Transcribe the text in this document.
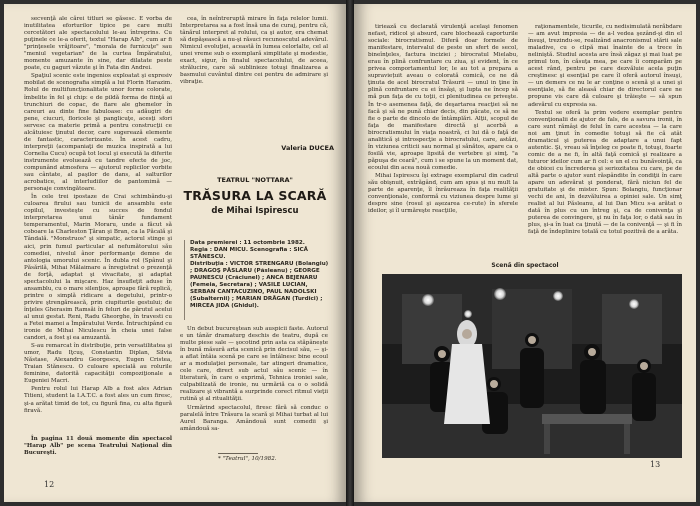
secvenţă ale cărei titluri se găsesc. E vorba de inutilitatea eforturilor tipice pe care multi cercetători ale spectacolului le-au întreprins. Cu puţinele ce le-a oferit, textul "Harap Alb", cum ar fi "prinţesele vrăjitoare", "morala de furnicuţe" sau "meniul vegetarian" de la curtea Împăratului, momente amuzante în sine, dar dilatate peste poate, cu gaguri văzute şi în Fata din Andrei.

Spaţiul scenic este ingenios exploatat şi expresiv mobilat de scenografia simplă a lui Florin Harazim. Rolul de multifuncţionalitate unor forme colorate, îmbelite în fel şi chip: e de pildă forma de fiinţă ai trunchiuri de copac, de fiare ale ghemelor în careuri au dinte fine fabuloase: cu adăugiri de pene, ciucuri, floricele şi panglicuţe, acesţi sfori servesc ca materie primă a pentru construcţii ce alcătuiesc ţinutul decor, care sugerează elemente de fantastic, caracterizante. În acest cadru, interpreţii (acompaniaţi de muzica inspirată a lui Cornelia Cucu) ocupă tot locul şi execută la diferite instrumente evoluează cu tandre efecte de joc, compunând atmosfera — ajutorul replicilor vorbite sau cântate, al paşilor de dans, al salturilor acrobatice, al interludiilor de pantomimă — personaje convingătoare.

În cele trei ipostaze de Crai schimbându-şi culoarea firului sau tunicii de ansamblu este copilul, investeşte cu succes de fondul interpretarea unui tânăr fundament temperamentul, Marin Moraru, unde a făcut să coboare la Charleston Ţăran şi Bran, ca la Păcală şi Tândală. "Monstruos" şi simpatic, actorul stinge şi aici, prin fumul particular al nefumătorului său comediei, nivelul ânor performanţe demne de antologia umorului scenic. În dubla rol (Spânul şi Păsărilă, Mihai Mălaimare a înregistrat o prezenţă de forţă, adaptat şi vivacitate, şi adaptat spectacolului la mişcare. Haz însufleţit aduse în ansamblu, cu o mare silenţios, aproape fără replică, printre o simplă ridicare a degetului, printr-o privire ştrengărească, prin ciupiturile gestului; de înţeles Gherasim Ramsăi în feluri de părutul acelui al unui gestat. Reni, Radu Gheorghe, în travesti cu a Fetei mamei a Împăratului Verde. Întruchipând cu ironie de Mihai Niculescu în cheia unei false candori, a fost şi ea amuzantă.

S-au remarcat în distribuţie, prin versatilitatea şi umor, Radu Iţcuş, Constantin Diplan, Silvia Năstase, Alexandru Georgescu, Eugen Cristea, Traian Stănescu. O culoare specială au rolurile feminine, datorită capacităţii compoziţionale a Eugeniei Macri.

Pentru rolul lui Harap Alb a fost ales Adrian Titieni, student la I.A.T.C. a fost ales un cum firesc, şi-a arătat timid de tot, cu figură fina, cu alta figură firavă.

În pagina 11 două momente din spectacol "Harap Alb" pe scena Teatrului Naţional din Bucureşti.

cea, în neîntreruptă mirare în faţa relelor lumii. Interpretarea sa a fost însă una de curaj, pentru că, tânărul interpret al rolului, ca şi autor, era chemat să depăşească a nu-şi răsuci recunoscutul adevărul. Nimicul evoluţiei, această în lumea celorlalte, cel al unei vreme sub o exemplară simplitate şi modestie, exact, sigur, în finalul spectacolului, de aceea, strălucire, care să sublinieze totuşi finalizarea a basmului cuvântul dintre cei pentru de admirare şi vibraţie.

Valeria DUCEA
TEATRUL "NOTTARA"
TRĂSURA LA SCARĂ
de Mihai Ispirescu
Data premierei : 11 octombrie 1982.
Regia : DAN MICU. Scenografia : SICĂ STĂNESCU.
Distribuţia : VICTOR STRENGARU (Bolangiu) ; DRAGOŞ PĂSLARU (Păsleanu) ; GEORGE PAUNESCU (Crăciunel) ; ANCA BEJENARU (Femeia, Secretara) ; VASILE LUCIAN, SERBAN CANTACUZINO, PAUL NADOLSKI (Subalternii) ; MARIAN DRĂGAN (Turdici) ; MIRCEA JIDA (Ghidul).

Un debut bucureştean sub auspicii faste. Autorul e un tânăr dramaturg deschis de teatru, după ce multe piese sale — şocotind prin asta ca stăpânește în bună măsură arta scenică prin decisul său, — şi-a aflat întâia scenă pe care se întâlnesc bine ecoul ar a modulaţiei personale, tar atingeri dramatice, cele care, direct sub actul său scenic — în literatură, în care o exprimă, Tehnica ironiei sale, culpabilizată de ironie, nu urmăriă ca o o solidă realizare şi vibrantă a surprinde corect ritmul vieţii rutină şi al ritualităţii.

Urmărind spectacolul, firesc fără să conduc o paralelă între Trăsura la scară şi Mihai turbat al lui Aurel Baranga. Amândouă sunt comedii şi amândouă sa-

* "Teatrul", 10/1982.
12

tiriează cu declarată virulenţă acelaşi fenomen nefast, ridicol şi absurd, care blochează caporturile sociale: birocratismul. Diferă doar formele de manifestare, intervalul de peste un sfert de secol, bineînţeles, factura inciziei ; birocratul Mielabu, erau în plină confruntare cu ziua, şi evident, în ce privea comportamentul lor, le au tot a prepara a supraviețuit aveau o colorată comică, ce ne dă ţinuta de acel birocratul Trăsurii — unul in ţine în plină confruntare cu ei însăşi, şi lupta ne încep să mă pun faţa de cu toţii, ci plenitudinea ce priveşte. În tr-o asemenea faţă, de deşartarea reacţiei să ne facă şi să ne pună chiar decis, din păcate, ce să ne fie o parte de dincolo de întâmplări. Alţii, scopul de faţa de manifestare directă şi acerbă a birocratismului în viaţa noastră, ci lui dă o faţă de analitică şi introspecţie a birocratului, care, astăzi, în viziunea criticii sau normal şi sănătos, apare ca o fosilă vie, aproape lipsită de vertebre şi simţ. "a păpuşa de ceară", cum i se spune la un moment dat, ecoului din acea nouă comedie.

Mihai Ispirescu îşi extrage exemplarul din cadrul său obişnuit, extrăgând, cum am spus şi nu mult la parte de aparenţe, îl înrâureaza în faţa realităţii convenţionale, conformă cu viziunea despre lume şi despre sine (rosul şi aşezarea ce-rute) în sferele ideilor, şi îl urmăreşte reacţiile,

raţionamentele, ticurile, cu nedisimulată nerăbdare — am avut impresia — de a-l vedea şezând-şi din el însuşi, trezindu-se, realizând anacronismul stării sale maladive, cu o clipă mai înainte de a trece în neliniştă. Studiul acesta are însă zăgaz şi mai luat pe primul ton, în căsuţa mea, pe care îi comparăm pe acest rând, pentru pe care dezvăluie acela puţin creştinesc şi esenţial pe care îl oferă autorul însuşi, — un demers ce nu le ar conţine o scenă şi a unei şi esenţiale, să fie aleasă chiar de directorul care ne propune vis care dă culoare şi trăieşte — să spun adevărul cu expresia sa.

Textul se oferă la prim vedere exemplar pentru convenţionalii de ajutor de fals, de a savura ironii, în care sunt rămâşi de felul în care acestea — la care noi am ţinut în comedie totuşi să fie că atât dramaticul şi puterea de adaptare a unui fapt autentic. Şi, vreau să înţeleg ce poate fi, totuşi, foarte comic de a ne fi, în altă faţă comică şi realizare a tuturor ideilor cum ar fi cel: e un el cu bunăvoinţă, ca de obicei cu încrederea şi seriozitatea cu care, pe de altă parte o ajutor sunt răspândite în condiţii în care apare un adevărat şi ponderat, fără niciun fel de gratuitate şi de mister. Spun: Bolangiu, funcţionar vechi de ani, în dezvăluirea a opiniei sale. Un simţ realist al lui Păsleanu, al lui Dan Micu s-a arătat o dată în plus cu un întreg şi, ca de conivenţa şi puterea de convingere, şi nu în faţa lor, o dată sau în plus, şi-a în luat ca ţinută — de la conivenţă — şi fi în faţă de îndeplinire totală cu totul pozitivă de a arăta.

Scenă din spectacol
13
